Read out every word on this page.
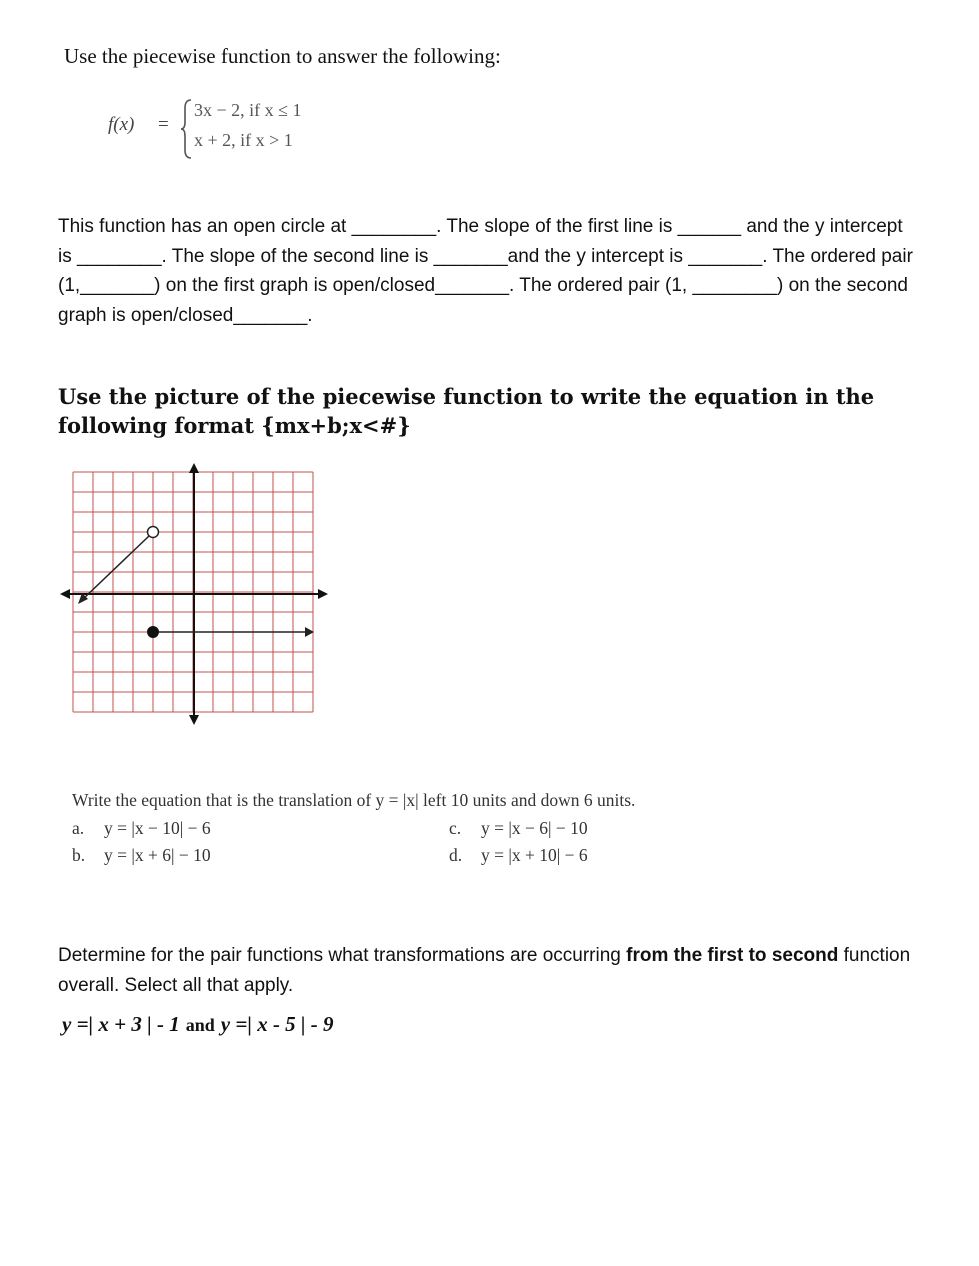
Use the piecewise function to answer the following:
f(x) =
3x − 2, if x ≤ 1
x + 2, if x > 1
This function has an open circle at ________. The slope of the first line is ______ and the y intercept is ________. The slope of the second line is _______and the y intercept is _______. The ordered pair (1,_______) on the first graph is open/closed_______. The ordered pair (1, ________) on the second graph is open/closed_______.
Use the picture of the piecewise function to write the equation in the following format {mx+b;x<#}
Write the equation that is the translation of y = |x| left 10 units and down 6 units.
a. y = |x − 10| − 6
b. y = |x + 6| − 10
c. y = |x − 6| − 10
d. y = |x + 10| − 6
Determine for the pair functions what transformations are occurring from the first to second function overall. Select all that apply.
y =| x + 3 | - 1 and y =| x - 5 | - 9
